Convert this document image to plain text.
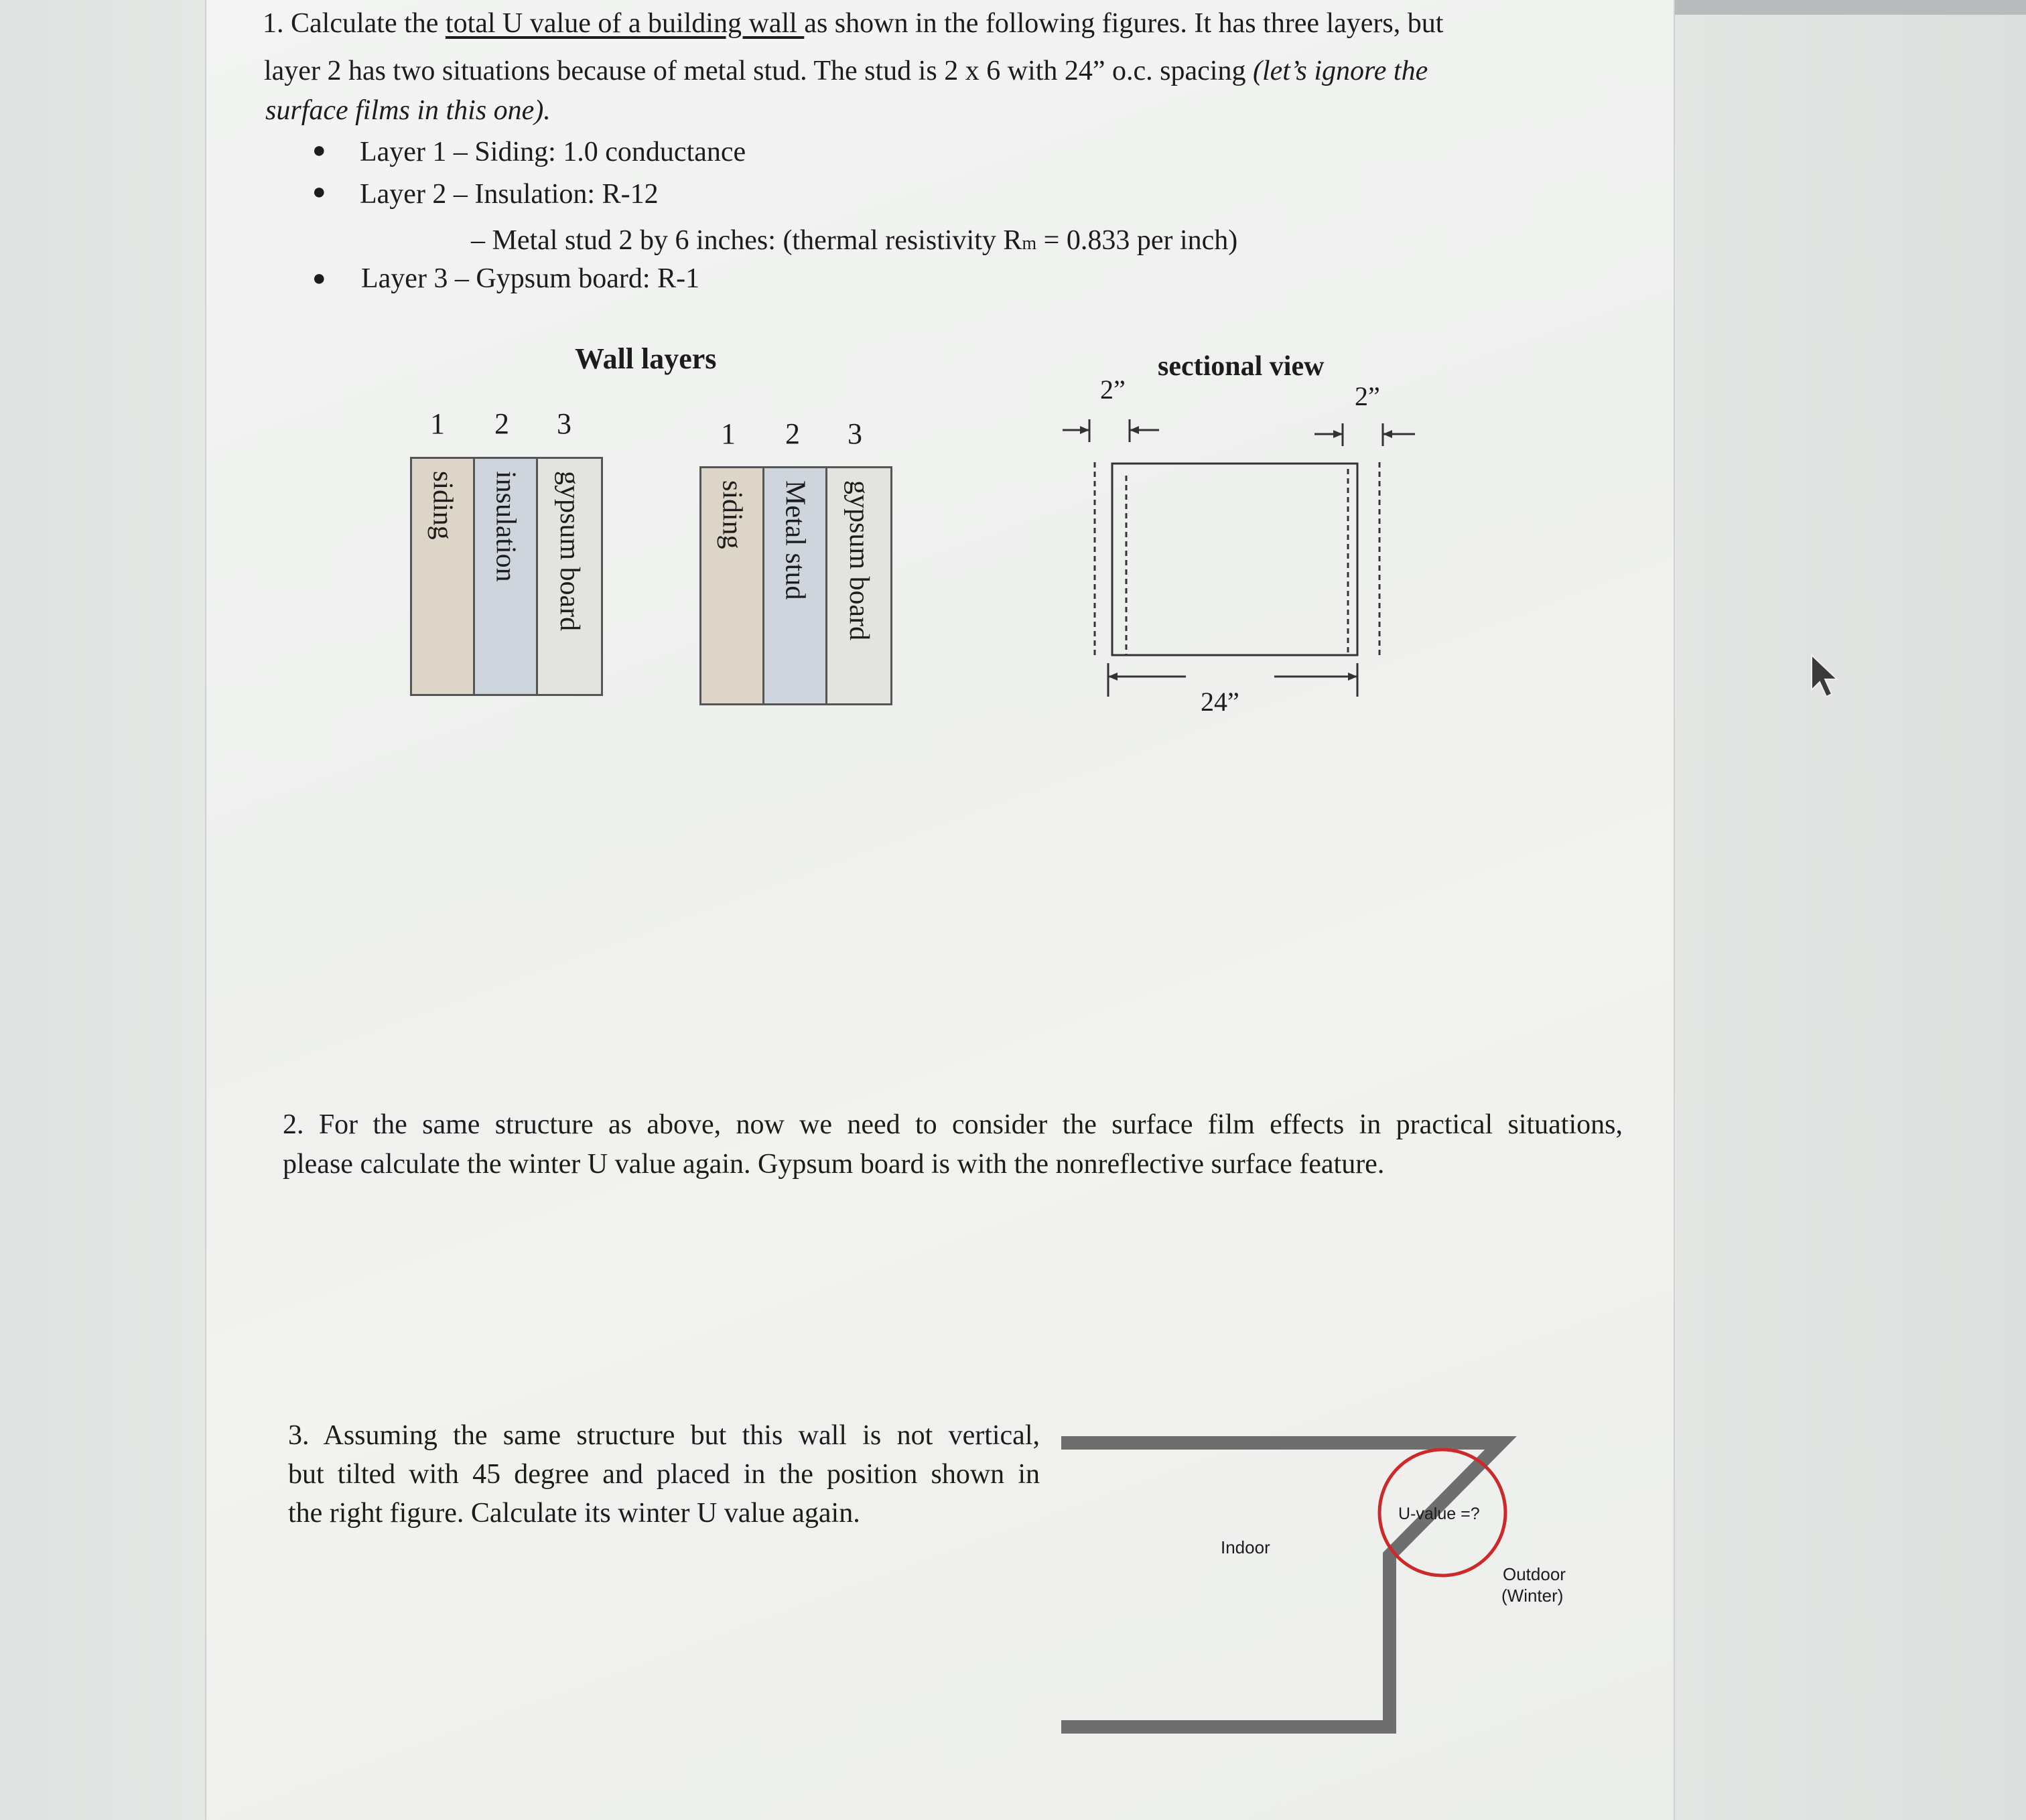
1. Calculate the total U value of a building wall as shown in the following figures. It has three layers, but
layer 2 has two situations because of metal stud. The stud is 2 x 6 with 24” o.c. spacing (let’s ignore the
surface films in this one).
● Layer 1 – Siding: 1.0 conductance
● Layer 2 – Insulation: R-12
– Metal stud 2 by 6 inches: (thermal resistivity Rm = 0.833 per inch)
● Layer 3 – Gypsum board: R-1
Wall layers
1 2 3
siding insulation gypsum board
1 2 3
siding Metal stud gypsum board
sectional view
2”	2”
24”
2. For the same structure as above, now we need to consider the surface film effects in practical situations,
please calculate the winter U value again. Gypsum board is with the nonreflective surface feature.
3. Assuming the same structure but this wall is not vertical,
but tilted with 45 degree and placed in the position shown in
the right figure. Calculate its winter U value again.
Indoor
U-value =?
Outdoor
(Winter)
